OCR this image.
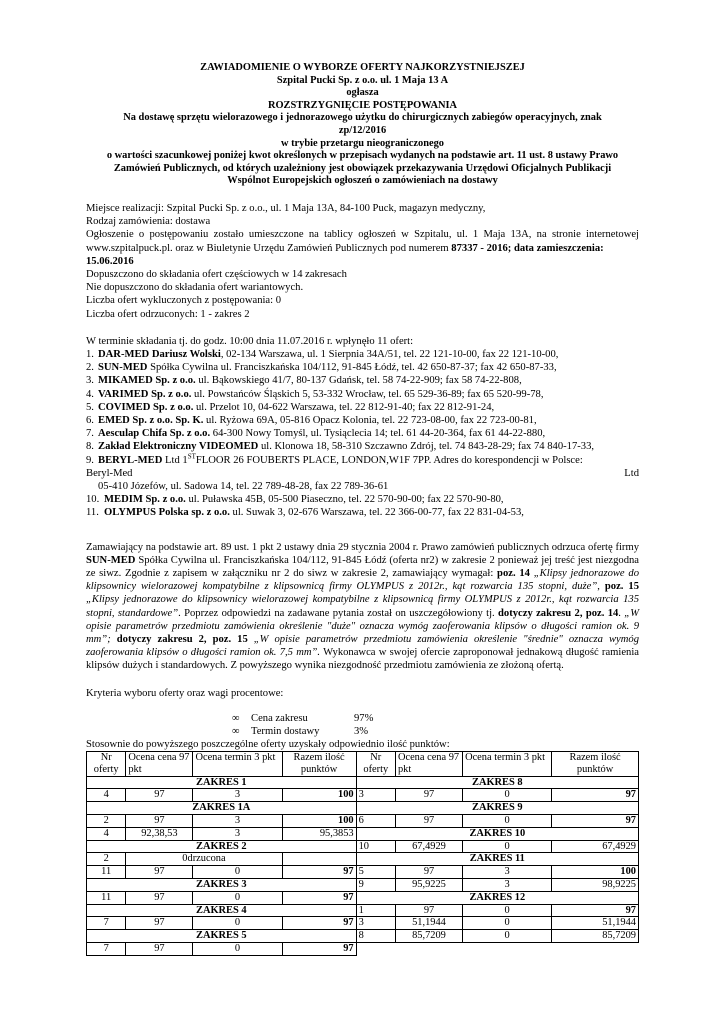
ZAWIADOMIENIE O WYBORZE OFERTY NAJKORZYSTNIEJSZEJ
Szpital Pucki Sp. z o.o. ul. 1 Maja 13 A
ogłasza
ROZSTRZYGNIĘCIE POSTĘPOWANIA
Na dostawę sprzętu wielorazowego i jednorazowego użytku do chirurgicznych zabiegów operacyjnych, znak
zp/12/2016
w trybie przetargu nieograniczonego
o wartości szacunkowej poniżej kwot określonych w przepisach wydanych na podstawie art. 11 ust. 8 ustawy Prawo
Zamówień Publicznych, od których uzależniony jest obowiązek przekazywania Urzędowi Oficjalnych Publikacji
Wspólnot Europejskich ogłoszeń o zamówieniach na dostawy
Miejsce realizacji: Szpital Pucki Sp. z o.o., ul. 1 Maja 13A, 84-100 Puck, magazyn medyczny,
Rodzaj zamówienia: dostawa
Ogłoszenie o postępowaniu zostało umieszczone na tablicy ogłoszeń w Szpitalu, ul. 1 Maja 13A, na stronie internetowej
www.szpitalpuck.pl. oraz w Biuletynie Urzędu Zamówień Publicznych pod numerem 87337 - 2016; data zamieszczenia:
15.06.2016
Dopuszczono do składania ofert częściowych w 14 zakresach
Nie dopuszczono do składania ofert wariantowych.
Liczba ofert wykluczonych z postępowania: 0
Liczba ofert odrzuconych: 1 - zakres 2
W terminie składania tj. do godz. 10:00 dnia 11.07.2016 r. wpłynęło 11 ofert:
1. DAR-MED Dariusz Wolski, 02-134 Warszawa, ul. 1 Sierpnia 34A/51, tel. 22 121-10-00, fax 22 121-10-00,
2. SUN-MED Spółka Cywilna ul. Franciszkańska 104/112, 91-845 Łódź, tel. 42 650-87-37; fax 42 650-87-33,
3. MIKAMED Sp. z o.o. ul. Bąkowskiego 41/7, 80-137 Gdańsk, tel. 58 74-22-909; fax 58 74-22-808,
4. VARIMED Sp. z o.o. ul. Powstańców Śląskich 5, 53-332 Wrocław, tel. 65 529-36-89; fax 65 520-99-78,
5. COVIMED Sp. z o.o. ul. Przelot 10, 04-622 Warszawa, tel. 22 812-91-40; fax 22 812-91-24,
6. EMED Sp. z o.o. Sp. K. ul. Ryżowa 69A, 05-816 Opacz Kolonia, tel. 22 723-08-00, fax 22 723-00-81,
7. Aesculap Chifa Sp. z o.o. 64-300 Nowy Tomyśl, ul. Tysiąclecia 14; tel. 61 44-20-364, fax 61 44-22-880,
8. Zakład Elektroniczny VIDEOMED ul. Klonowa 18, 58-310 Szczawno Zdrój, tel. 74 843-28-29; fax 74 840-17-33,
9. BERYL-MED Ltd 1STFLOOR 26 FOUBERTS PLACE, LONDON,W1F 7PP. Adres do korespondencji w Polsce:
Beryl-Med	Ltd
05-410 Józefów, ul. Sadowa 14, tel. 22 789-48-28, fax 22 789-36-61
10. MEDIM Sp. z o.o. ul. Puławska 45B, 05-500 Piaseczno, tel. 22 570-90-00; fax 22 570-90-80,
11. OLYMPUS Polska sp. z o.o. ul. Suwak 3, 02-676 Warszawa, tel. 22 366-00-77, fax 22 831-04-53,
Zamawiający na podstawie art. 89 ust. 1 pkt 2 ustawy dnia 29 stycznia 2004 r. Prawo zamówień publicznych odrzuca ofertę firmy SUN-MED Spółka Cywilna ul. Franciszkańska 104/112, 91-845 Łódź (oferta nr2) w zakresie 2 ponieważ jej treść jest niezgodna ze siwz. Zgodnie z zapisem w załączniku nr 2 do siwz w zakresie 2, zamawiający wymagał: poz. 14 „Klipsy jednorazowe do klipsownicy wielorazowej kompatybilne z klipsownicą firmy OLYMPUS z 2012r., kąt rozwarcia 135 stopni, duże”, poz. 15 „Klipsy jednorazowe do klipsownicy wielorazowej kompatybilne z klipsownicą firmy OLYMPUS z 2012r., kąt rozwarcia 135 stopni, standardowe”. Poprzez odpowiedzi na zadawane pytania został on uszczegółowiony tj. dotyczy zakresu 2, poz. 14. „W opisie parametrów przedmiotu zamówienia określenie "duże" oznacza wymóg zaoferowania klipsów o długości ramion ok. 9 mm”; dotyczy zakresu 2, poz. 15 „W opisie parametrów przedmiotu zamówienia określenie "średnie" oznacza wymóg zaoferowania klipsów o długości ramion ok. 7,5 mm”. Wykonawca w swojej ofercie zaproponował jednakową długość ramienia klipsów dużych i standardowych. Z powyższego wynika niezgodność przedmiotu zamówienia ze złożoną ofertą.
Kryteria wyboru oferty oraz wagi procentowe:
∞	Cena zakresu	97%
∞	Termin dostawy	3%
Stosownie do powyższego poszczególne oferty uzyskały odpowiednio ilość punktów:
Nr oferty	Ocena cena 97 pkt	Ocena termin 3 pkt	Razem ilość punktów	Nr oferty	Ocena cena 97 pkt	Ocena termin 3 pkt	Razem ilość punktów
ZAKRES 1				ZAKRES 8			
4	97	3	100	3	97	0	97
ZAKRES 1A				ZAKRES 9			
2	97	3	100	6	97	0	97
4	92,38,53	3	95,3853	ZAKRES 10			
ZAKRES 2				10	67,4929	0	67,4929
2	0drzucona			ZAKRES 11			
11	97	0	97	5	97	3	100
ZAKRES 3				9	95,9225	3	98,9225
11	97	0	97	ZAKRES 12			
ZAKRES 4				1	97	0	97
7	97	0	97	3	51,1944	0	51,1944
ZAKRES 5				8	85,7209	0	85,7209
7	97	0	97				
